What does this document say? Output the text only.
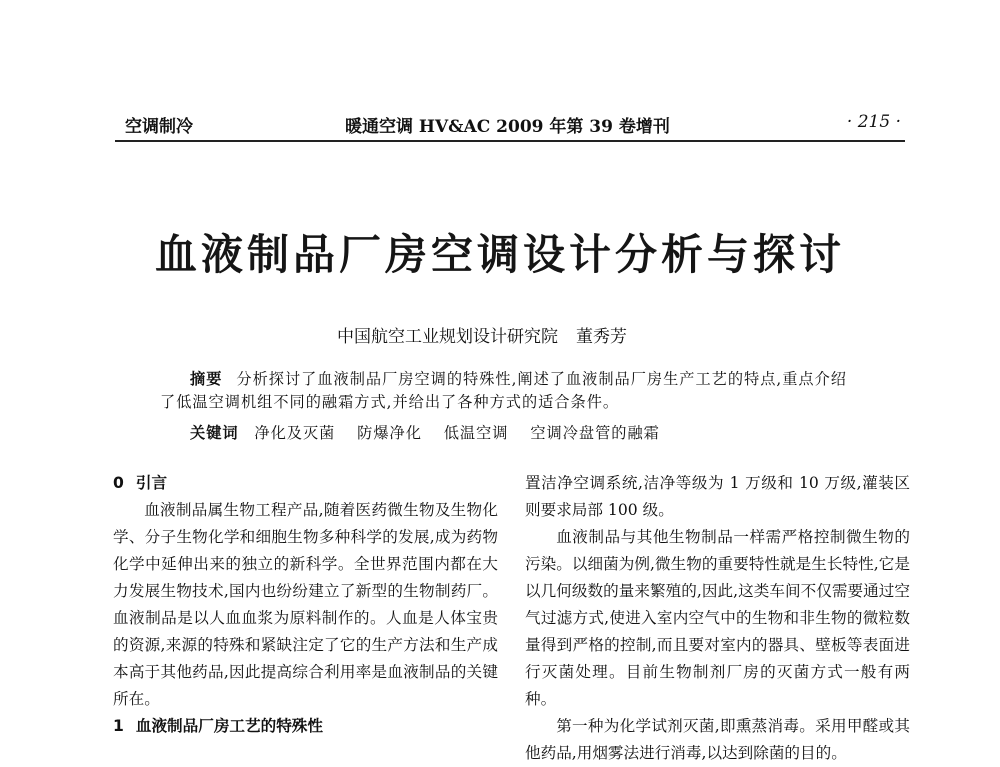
空调制冷	暖通空调 HV&AC 2009 年第 39 卷增刊	· 215 ·
血液制品厂房空调设计分析与探讨
中国航空工业规划设计研究院 董秀芳
摘要 分析探讨了血液制品厂房空调的特殊性,阐述了血液制品厂房生产工艺的特点,重点介绍了低温空调机组不同的融霜方式,并给出了各种方式的适合条件。
关键词 净化及灭菌 防爆净化 低温空调 空调冷盘管的融霜

0 引言

血液制品属生物工程产品,随着医药微生物及生物化学、分子生物化学和细胞生物多种科学的发展,成为药物化学中延伸出来的独立的新科学。全世界范围内都在大力发展生物技术,国内也纷纷建立了新型的生物制药厂。血液制品是以人血血浆为原料制作的。人血是人体宝贵的资源,来源的特殊和紧缺注定了它的生产方法和生产成本高于其他药品,因此提高综合利用率是血液制品的关键所在。

1 血液制品厂房工艺的特殊性

置洁净空调系统,洁净等级为 1 万级和 10 万级,灌装区则要求局部 100 级。

血液制品与其他生物制品一样需严格控制微生物的污染。以细菌为例,微生物的重要特性就是生长特性,它是以几何级数的量来繁殖的,因此,这类车间不仅需要通过空气过滤方式,使进入室内空气中的生物和非生物的微粒数量得到严格的控制,而且要对室内的器具、壁板等表面进行灭菌处理。目前生物制剂厂房的灭菌方式一般有两种。

第一种为化学试剂灭菌,即熏蒸消毒。采用甲醛或其他药品,用烟雾法进行消毒,以达到除菌的目的。
